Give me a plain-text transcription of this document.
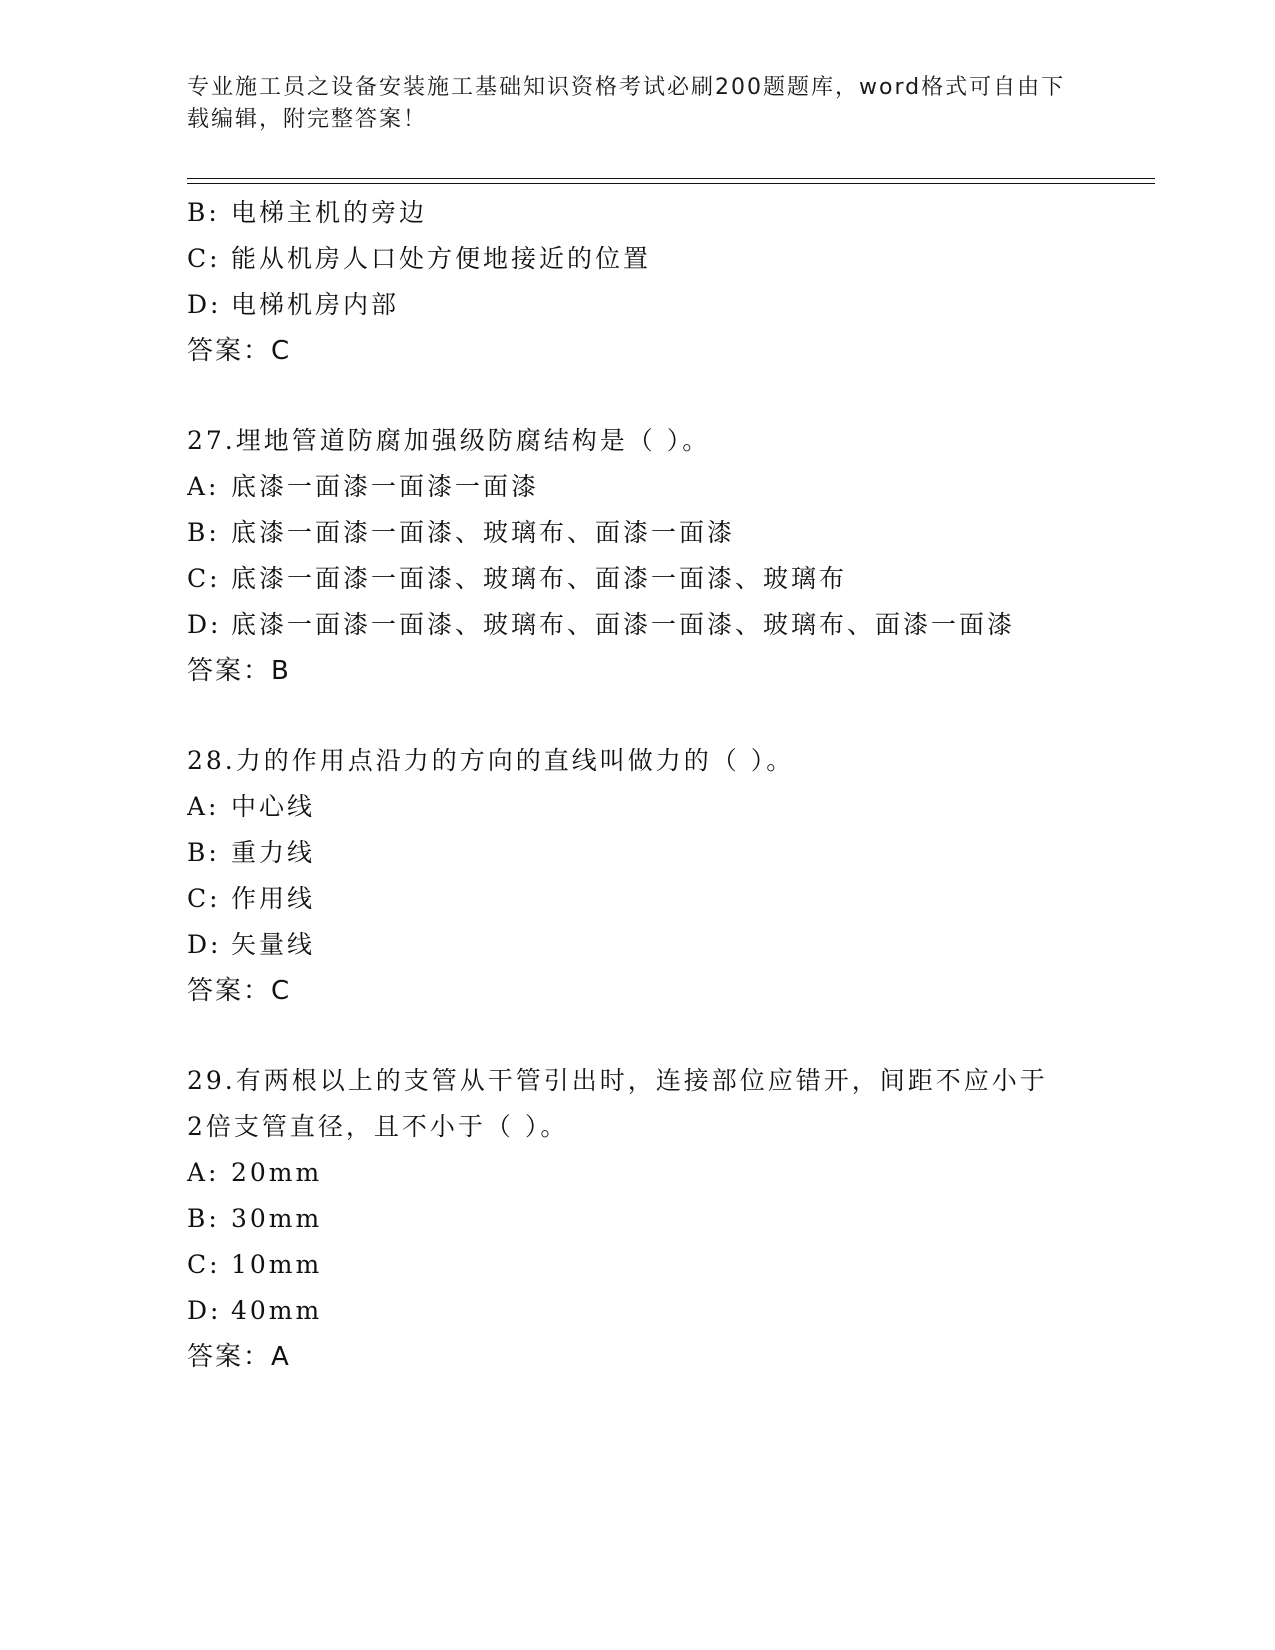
专业施工员之设备安装施工基础知识资格考试必刷200题题库，word格式可自由下载编辑，附完整答案！
B: 电梯主机的旁边
C: 能从机房人口处方便地接近的位置
D: 电梯机房内部
答案：C
27.埋地管道防腐加强级防腐结构是（ ）。
A: 底漆一面漆一面漆一面漆
B: 底漆一面漆一面漆、玻璃布、面漆一面漆
C: 底漆一面漆一面漆、玻璃布、面漆一面漆、玻璃布
D: 底漆一面漆一面漆、玻璃布、面漆一面漆、玻璃布、面漆一面漆
答案：B
28.力的作用点沿力的方向的直线叫做力的（ ）。
A: 中心线
B: 重力线
C: 作用线
D: 矢量线
答案：C
29.有两根以上的支管从干管引出时，连接部位应错开，间距不应小于
2倍支管直径，且不小于（ ）。
A: 20mm
B: 30mm
C: 10mm
D: 40mm
答案：A
